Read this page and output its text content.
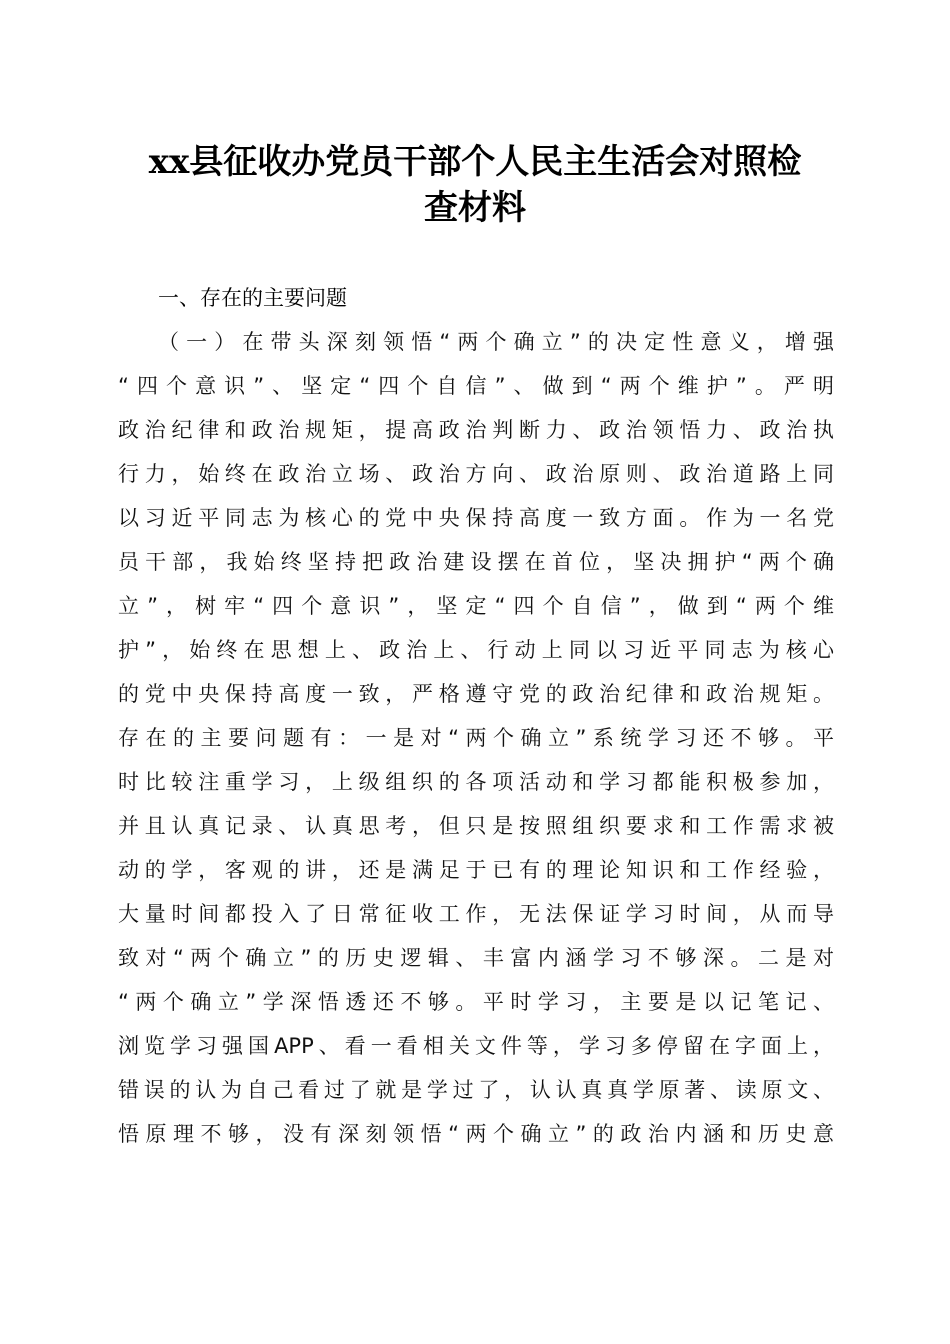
xx县征收办党员干部个人民主生活会对照检
查材料
一、存在的主要问题
（一）在带头深刻领悟“两个确立”的决定性意义，增强
“四个意识”、坚定“四个自信”、做到“两个维护”。严明
政治纪律和政治规矩，提高政治判断力、政治领悟力、政治执
行力，始终在政治立场、政治方向、政治原则、政治道路上同
以习近平同志为核心的党中央保持高度一致方面。作为一名党
员干部，我始终坚持把政治建设摆在首位，坚决拥护“两个确
立”，树牢“四个意识”，坚定“四个自信”，做到“两个维
护”，始终在思想上、政治上、行动上同以习近平同志为核心
的党中央保持高度一致，严格遵守党的政治纪律和政治规矩。
存在的主要问题有：一是对“两个确立”系统学习还不够。平
时比较注重学习，上级组织的各项活动和学习都能积极参加，
并且认真记录、认真思考，但只是按照组织要求和工作需求被
动的学，客观的讲，还是满足于已有的理论知识和工作经验，
大量时间都投入了日常征收工作，无法保证学习时间，从而导
致对“两个确立”的历史逻辑、丰富内涵学习不够深。二是对
“两个确立”学深悟透还不够。平时学习，主要是以记笔记、
浏览学习强国APP、看一看相关文件等，学习多停留在字面上，
错误的认为自己看过了就是学过了，认认真真学原著、读原文、
悟原理不够，没有深刻领悟“两个确立”的政治内涵和历史意
